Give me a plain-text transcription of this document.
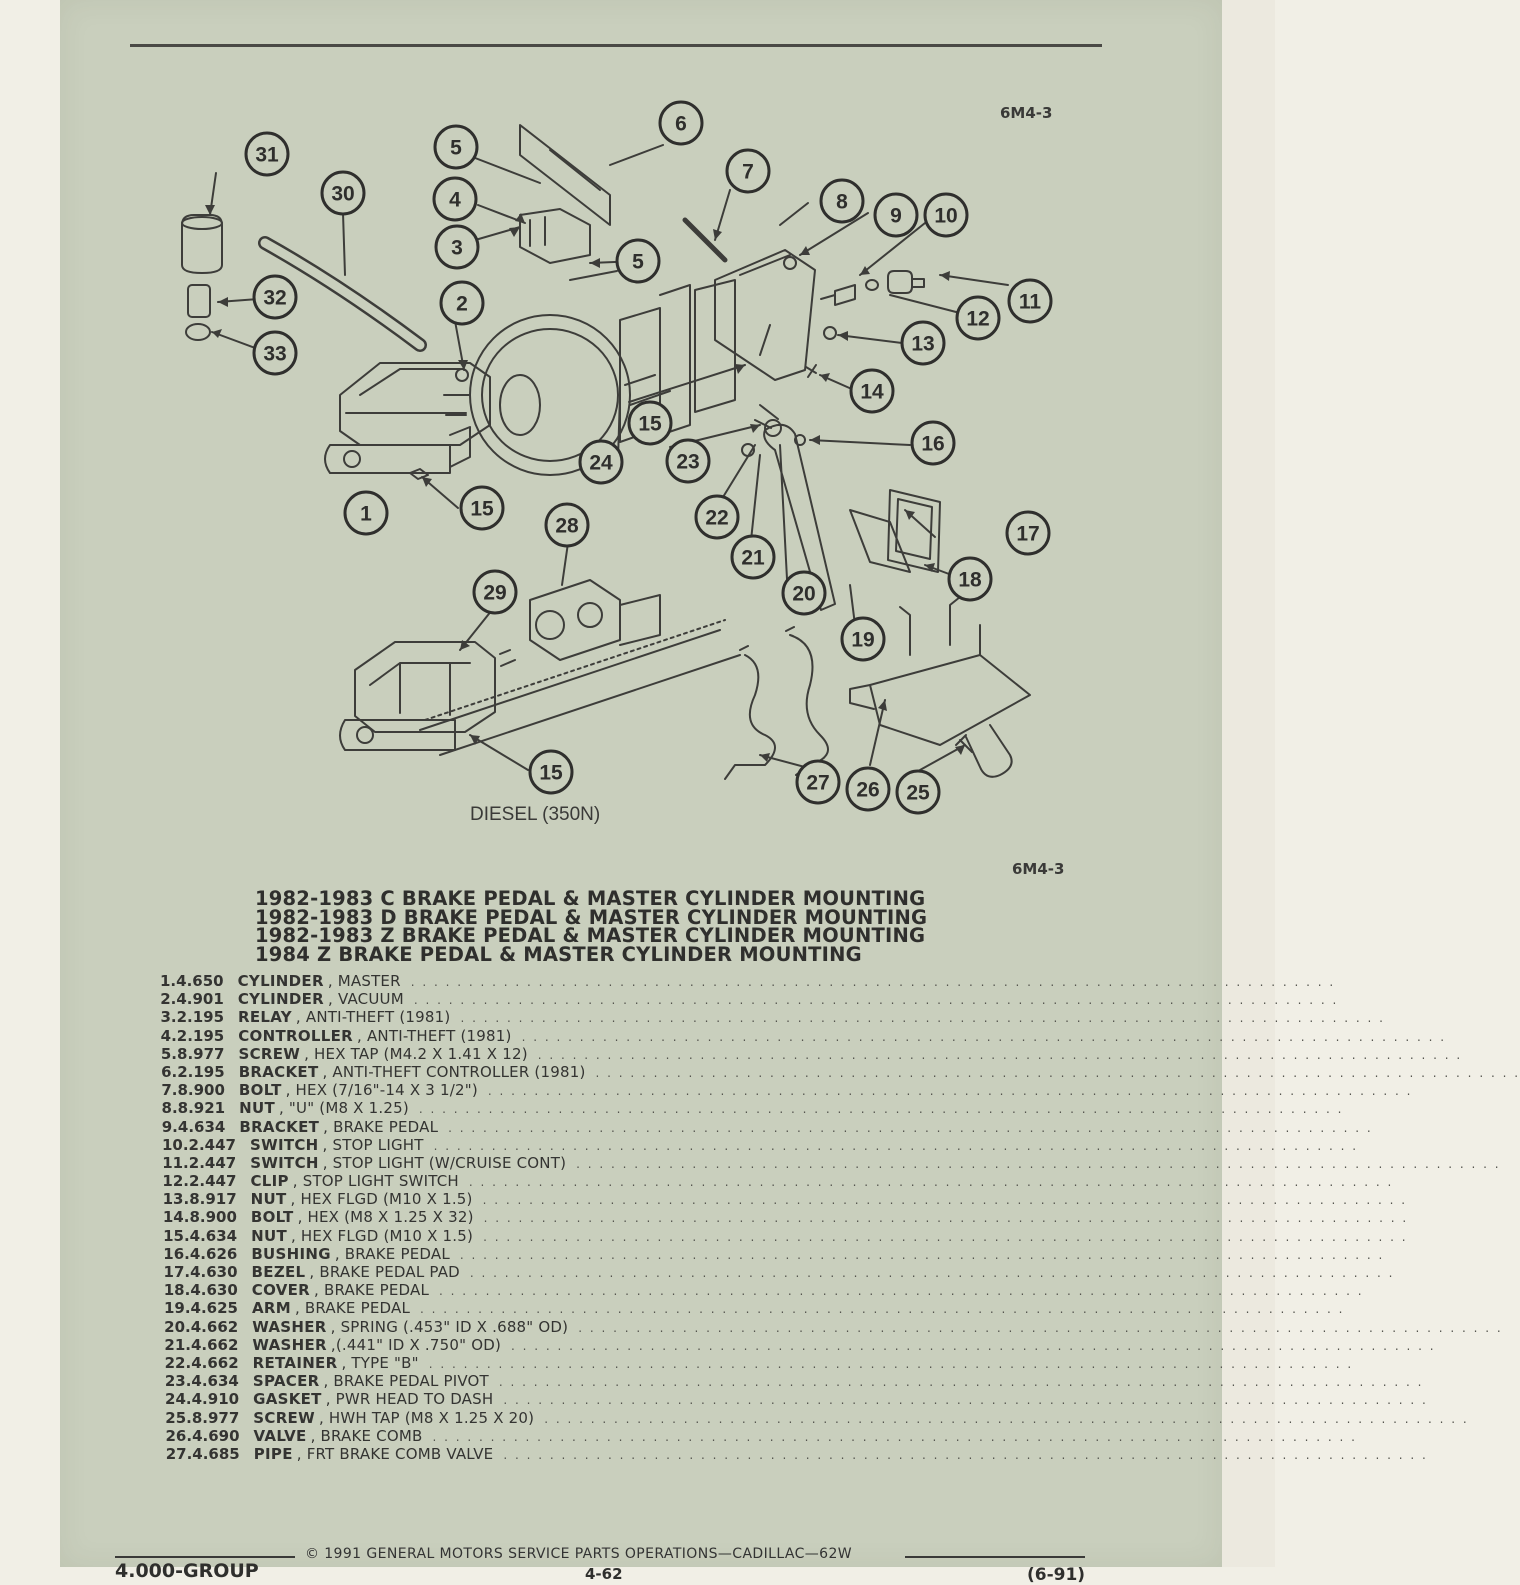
6M4-3
1
2
3
4
5
5
6
7
8
9 10
11
12
13
14
15
15
15
16
17
18
19
20
21
22
23
24
25
26
27
28
29
30
31
32
33
DIESEL (350N)
6M4-3
1982-1983 C BRAKE PEDAL & MASTER CYLINDER MOUNTING
1982-1983 D BRAKE PEDAL & MASTER CYLINDER MOUNTING
1982-1983 Z BRAKE PEDAL & MASTER CYLINDER MOUNTING
1984 Z BRAKE PEDAL & MASTER CYLINDER MOUNTING
1. 4.650 CYLINDER , MASTER . . . . . . . . . . . . . . . . . . . . . . . . . . . . . . . . . . . . . . . . . . . . . . . . . . . . . . . . . . . . . . . . . . . . . . . . . . . . . . . .
2. 4.901 CYLINDER , VACUUM . . . . . . . . . . . . . . . . . . . . . . . . . . . . . . . . . . . . . . . . . . . . . . . . . . . . . . . . . . . . . . . . . . . . . . . . . . . . . . . .
3. 2.195 RELAY , ANTI-THEFT (1981) . . . . . . . . . . . . . . . . . . . . . . . . . . . . . . . . . . . . . . . . . . . . . . . . . . . . . . . . . . . . . . . . . . . . . . . . . . . . . . . .
4. 2.195 CONTROLLER , ANTI-THEFT (1981) . . . . . . . . . . . . . . . . . . . . . . . . . . . . . . . . . . . . . . . . . . . . . . . . . . . . . . . . . . . . . . . . . . . . . . . . . . . . . . . .
5. 8.977 SCREW , HEX TAP (M4.2 X 1.41 X 12) . . . . . . . . . . . . . . . . . . . . . . . . . . . . . . . . . . . . . . . . . . . . . . . . . . . . . . . . . . . . . . . . . . . . . . . . . . . . . . . .
6. 2.195 BRACKET , ANTI-THEFT CONTROLLER (1981) . . . . . . . . . . . . . . . . . . . . . . . . . . . . . . . . . . . . . . . . . . . . . . . . . . . . . . . . . . . . . . . . . . . . . . . . . . . . . . . .
7. 8.900 BOLT , HEX (7/16"-14 X 3 1/2") . . . . . . . . . . . . . . . . . . . . . . . . . . . . . . . . . . . . . . . . . . . . . . . . . . . . . . . . . . . . . . . . . . . . . . . . . . . . . . . .
8. 8.921 NUT , "U" (M8 X 1.25) . . . . . . . . . . . . . . . . . . . . . . . . . . . . . . . . . . . . . . . . . . . . . . . . . . . . . . . . . . . . . . . . . . . . . . . . . . . . . . . .
9. 4.634 BRACKET , BRAKE PEDAL . . . . . . . . . . . . . . . . . . . . . . . . . . . . . . . . . . . . . . . . . . . . . . . . . . . . . . . . . . . . . . . . . . . . . . . . . . . . . . . .
10. 2.447 SWITCH , STOP LIGHT . . . . . . . . . . . . . . . . . . . . . . . . . . . . . . . . . . . . . . . . . . . . . . . . . . . . . . . . . . . . . . . . . . . . . . . . . . . . . . . .
11. 2.447 SWITCH , STOP LIGHT (W/CRUISE CONT) . . . . . . . . . . . . . . . . . . . . . . . . . . . . . . . . . . . . . . . . . . . . . . . . . . . . . . . . . . . . . . . . . . . . . . . . . . . . . . . .
12. 2.447 CLIP , STOP LIGHT SWITCH . . . . . . . . . . . . . . . . . . . . . . . . . . . . . . . . . . . . . . . . . . . . . . . . . . . . . . . . . . . . . . . . . . . . . . . . . . . . . . . .
13. 8.917 NUT , HEX FLGD (M10 X 1.5) . . . . . . . . . . . . . . . . . . . . . . . . . . . . . . . . . . . . . . . . . . . . . . . . . . . . . . . . . . . . . . . . . . . . . . . . . . . . . . . .
14. 8.900 BOLT , HEX (M8 X 1.25 X 32) . . . . . . . . . . . . . . . . . . . . . . . . . . . . . . . . . . . . . . . . . . . . . . . . . . . . . . . . . . . . . . . . . . . . . . . . . . . . . . . .
15. 4.634 NUT , HEX FLGD (M10 X 1.5) . . . . . . . . . . . . . . . . . . . . . . . . . . . . . . . . . . . . . . . . . . . . . . . . . . . . . . . . . . . . . . . . . . . . . . . . . . . . . . . .
16. 4.626 BUSHING , BRAKE PEDAL . . . . . . . . . . . . . . . . . . . . . . . . . . . . . . . . . . . . . . . . . . . . . . . . . . . . . . . . . . . . . . . . . . . . . . . . . . . . . . . .
17. 4.630 BEZEL , BRAKE PEDAL PAD . . . . . . . . . . . . . . . . . . . . . . . . . . . . . . . . . . . . . . . . . . . . . . . . . . . . . . . . . . . . . . . . . . . . . . . . . . . . . . . .
18. 4.630 COVER , BRAKE PEDAL . . . . . . . . . . . . . . . . . . . . . . . . . . . . . . . . . . . . . . . . . . . . . . . . . . . . . . . . . . . . . . . . . . . . . . . . . . . . . . . .
19. 4.625 ARM , BRAKE PEDAL . . . . . . . . . . . . . . . . . . . . . . . . . . . . . . . . . . . . . . . . . . . . . . . . . . . . . . . . . . . . . . . . . . . . . . . . . . . . . . . .
20. 4.662 WASHER , SPRING (.453" ID X .688" OD) . . . . . . . . . . . . . . . . . . . . . . . . . . . . . . . . . . . . . . . . . . . . . . . . . . . . . . . . . . . . . . . . . . . . . . . . . . . . . . . .
21. 4.662 WASHER ,(.441" ID X .750" OD) . . . . . . . . . . . . . . . . . . . . . . . . . . . . . . . . . . . . . . . . . . . . . . . . . . . . . . . . . . . . . . . . . . . . . . . . . . . . . . . .
22. 4.662 RETAINER , TYPE "B" . . . . . . . . . . . . . . . . . . . . . . . . . . . . . . . . . . . . . . . . . . . . . . . . . . . . . . . . . . . . . . . . . . . . . . . . . . . . . . . .
23. 4.634 SPACER , BRAKE PEDAL PIVOT . . . . . . . . . . . . . . . . . . . . . . . . . . . . . . . . . . . . . . . . . . . . . . . . . . . . . . . . . . . . . . . . . . . . . . . . . . . . . . . .
24. 4.910 GASKET , PWR HEAD TO DASH . . . . . . . . . . . . . . . . . . . . . . . . . . . . . . . . . . . . . . . . . . . . . . . . . . . . . . . . . . . . . . . . . . . . . . . . . . . . . . . .
25. 8.977 SCREW , HWH TAP (M8 X 1.25 X 20) . . . . . . . . . . . . . . . . . . . . . . . . . . . . . . . . . . . . . . . . . . . . . . . . . . . . . . . . . . . . . . . . . . . . . . . . . . . . . . . .
26. 4.690 VALVE , BRAKE COMB . . . . . . . . . . . . . . . . . . . . . . . . . . . . . . . . . . . . . . . . . . . . . . . . . . . . . . . . . . . . . . . . . . . . . . . . . . . . . . . .
27. 4.685 PIPE , FRT BRAKE COMB VALVE . . . . . . . . . . . . . . . . . . . . . . . . . . . . . . . . . . . . . . . . . . . . . . . . . . . . . . . . . . . . . . . . . . . . . . . . . . . . . . . .
© 1991 GENERAL MOTORS SERVICE PARTS OPERATIONS—CADILLAC—62W
4.000-GROUP	4-62	(6-91)
